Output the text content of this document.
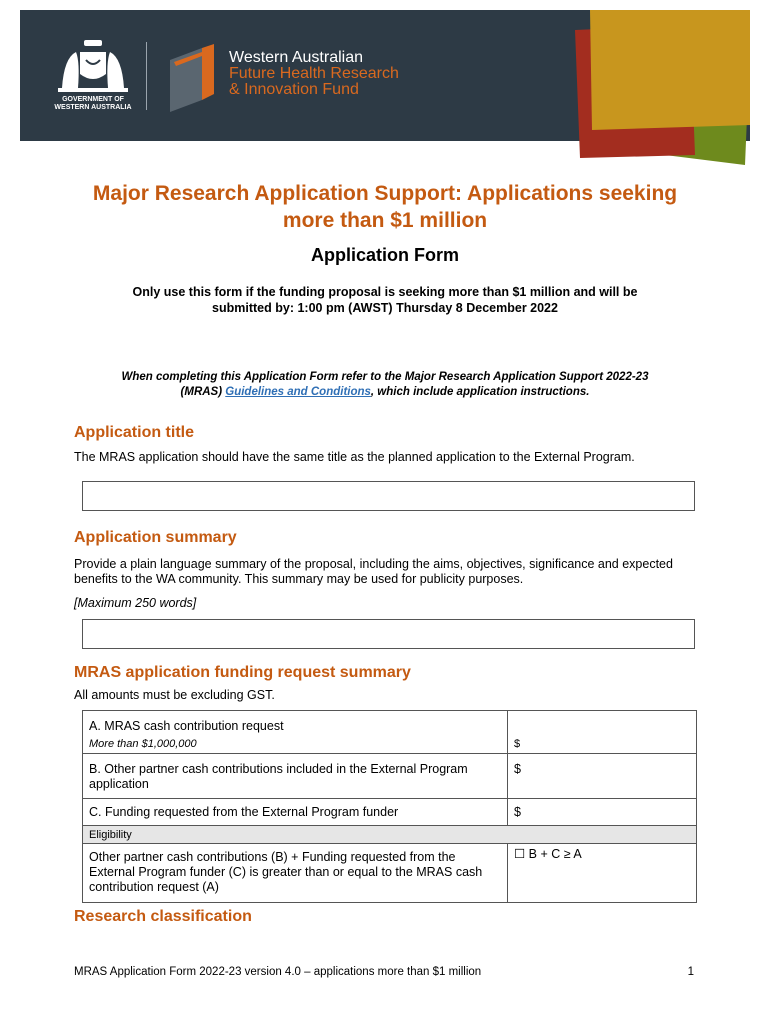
GOVERNMENT OF
WESTERN AUSTRALIA
Western Australian
Future Health Research
& Innovation Fund
Major Research Application Support: Applications seeking
more than $1 million
Application Form
Only use this form if the funding proposal is seeking more than $1 million and will be
submitted by: 1:00 pm (AWST) Thursday 8 December 2022
When completing this Application Form refer to the Major Research Application Support 2022-23
(MRAS) Guidelines and Conditions, which include application instructions.
Application title
The MRAS application should have the same title as the planned application to the External Program.
Application summary
Provide a plain language summary of the proposal, including the aims, objectives, significance and expected benefits to the WA community. This summary may be used for publicity purposes.
[Maximum 250 words]
MRAS application funding request summary
All amounts must be excluding GST.
A. MRAS cash contribution request
More than $1,000,000	$

B. Other partner cash contributions included in the External Program application	$

C. Funding requested from the External Program funder	$

Eligibility	

Other partner cash contributions (B) + Funding requested from the External Program funder (C) is greater than or equal to the MRAS cash contribution request (A)	☐ B + C ≥ A
Research classification
MRAS Application Form 2022-23 version 4.0 – applications more than $1 million	1
